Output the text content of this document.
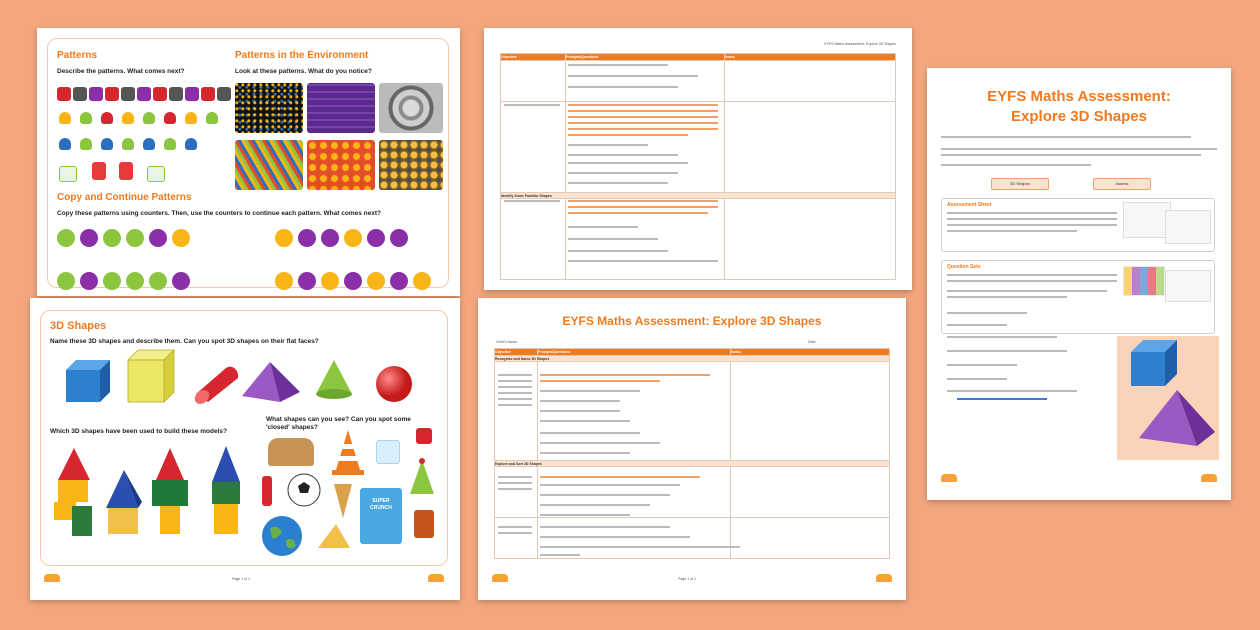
Patterns
Describe the patterns. What comes next?
Patterns in the Environment
Look at these patterns. What do you notice?
Copy and Continue Patterns
Copy these patterns using counters. Then, use the counters to continue each pattern. What comes next?
EYFS Maths Assessment: Explore 3D Shapes
Objective	Prompts/Questions	Notes

Identify Some Familiar Shapes		

EYFS Maths Assessment:
Explore 3D Shapes
3D Shapes	Assess
Assessment Sheet
Question Sets
3D Shapes
Name these 3D shapes and describe them. Can you spot 3D shapes on their flat faces?
Which 3D shapes have been used to build these models?
What shapes can you see? Can you spot some
'closed' shapes?
SUPER
CRUNCH
Page 1 of 1
EYFS Maths Assessment: Explore 3D Shapes
Child's Name:	Date:
Objective	Prompts/Questions	Notes
Recognise and Name 3D Shapes		

Explore and Sort 3D Shapes		

Page 1 of 1
